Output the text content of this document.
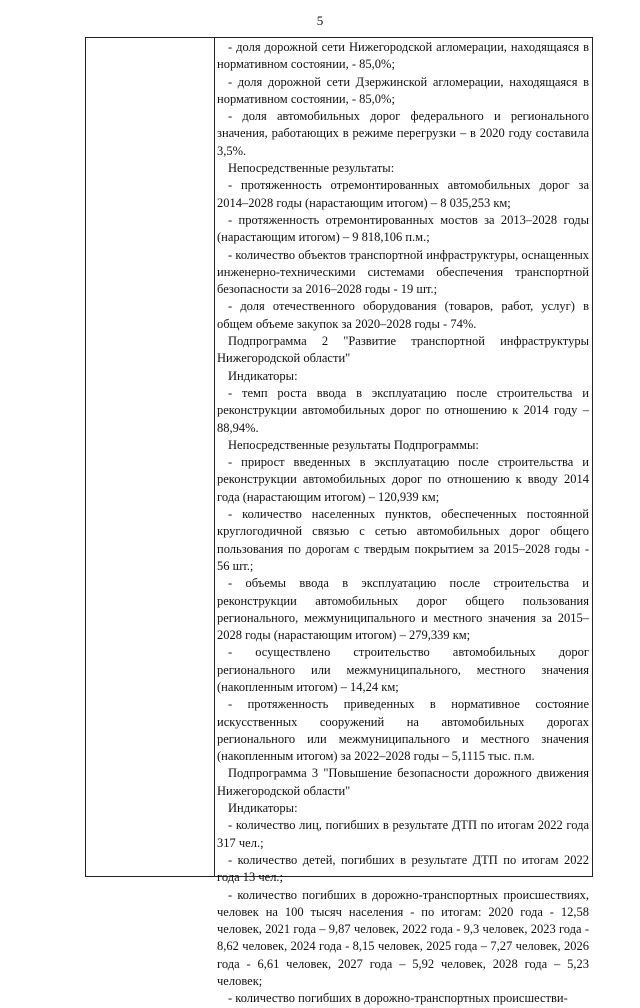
5

- доля дорожной сети Нижегородской агломерации, находящаяся в нормативном состоянии, - 85,0%;

- доля дорожной сети Дзержинской агломерации, находящаяся в нормативном состоянии, - 85,0%;

- доля автомобильных дорог федерального и регионального значения, работающих в режиме перегрузки – в 2020 году составила 3,5%.

Непосредственные результаты:

- протяженность отремонтированных автомобильных дорог за 2014–2028 годы (нарастающим итогом) – 8 035,253 км;

- протяженность отремонтированных мостов за 2013–2028 годы (нарастающим итогом) – 9 818,106 п.м.;

- количество объектов транспортной инфраструктуры, оснащенных инженерно-техническими системами обеспечения транспортной безопасности за 2016–2028 годы - 19 шт.;

- доля отечественного оборудования (товаров, работ, услуг) в общем объеме закупок за 2020–2028 годы - 74%.

Подпрограмма 2 "Развитие транспортной инфраструктуры Нижегородской области"

Индикаторы:

- темп роста ввода в эксплуатацию после строительства и реконструкции автомобильных дорог по отношению к 2014 году – 88,94%.

Непосредственные результаты Подпрограммы:

- прирост введенных в эксплуатацию после строительства и реконструкции автомобильных дорог по отношению к вводу 2014 года (нарастающим итогом) – 120,939 км;

- количество населенных пунктов, обеспеченных постоянной круглогодичной связью с сетью автомобильных дорог общего пользования по дорогам с твердым покрытием за 2015–2028 годы - 56 шт.;

- объемы ввода в эксплуатацию после строительства и реконструкции автомобильных дорог общего пользования регионального, межмуниципального и местного значения за 2015–2028 годы (нарастающим итогом) – 279,339 км;

- осуществлено строительство автомобильных дорог регионального или межмуниципального, местного значения (накопленным итогом) – 14,24 км;

- протяженность приведенных в нормативное состояние искусственных сооружений на автомобильных дорогах регионального или межмуниципального и местного значения (накопленным итогом) за 2022–2028 годы – 5,1115 тыс. п.м.

Подпрограмма 3 "Повышение безопасности дорожного движения Нижегородской области"

Индикаторы:

- количество лиц, погибших в результате ДТП по итогам 2022 года 317 чел.;

- количество детей, погибших в результате ДТП по итогам 2022 года 13 чел.;

- количество погибших в дорожно-транспортных происшествиях, человек на 100 тысяч населения - по итогам: 2020 года - 12,58 человек, 2021 года – 9,87 человек, 2022 года - 9,3 человек, 2023 года - 8,62 человек, 2024 года - 8,15 человек, 2025 года – 7,27 человек, 2026 года - 6,61 человек, 2027 года – 5,92 человек, 2028 года – 5,23 человек;

- количество погибших в дорожно-транспортных происшестви-
